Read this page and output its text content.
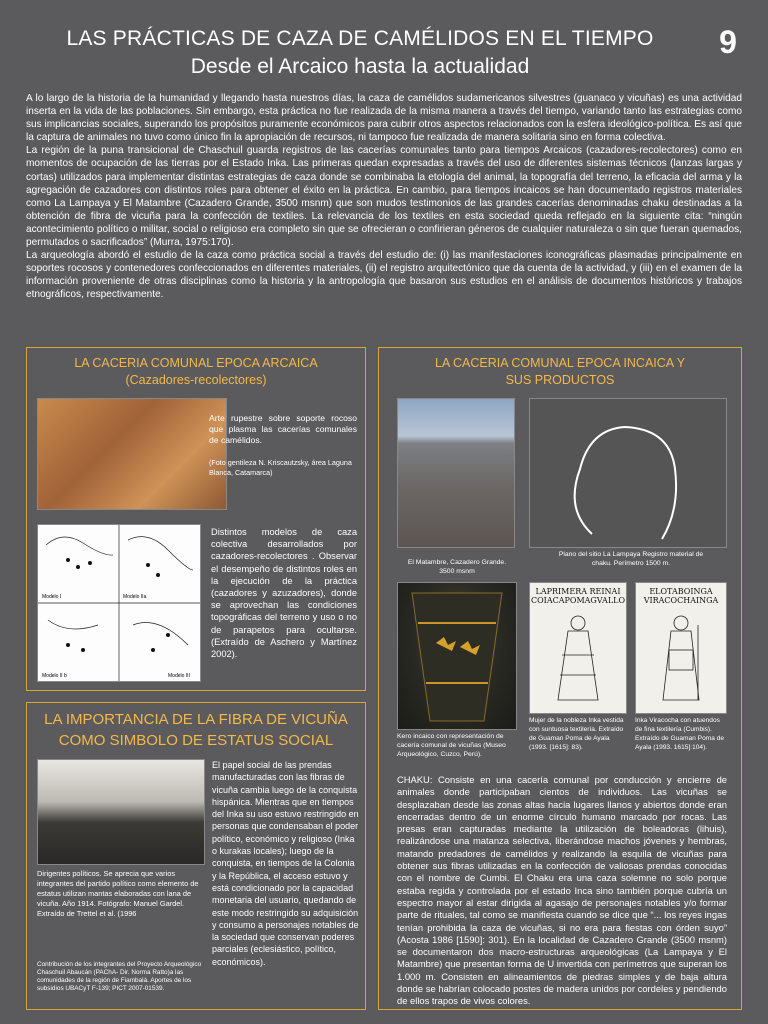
LAS PRÁCTICAS DE CAZA DE CAMÉLIDOS EN EL TIEMPO
Desde el Arcaico hasta la actualidad
9

A lo largo de la historia de la humanidad y llegando hasta nuestros días, la caza de camélidos sudamericanos silvestres (guanaco y vicuñas) es una actividad inserta en la vida de las poblaciones. Sin embargo, esta práctica no fue realizada de la misma manera a través del tiempo, variando tanto las estrategias como sus implicancias sociales, superando los propósitos puramente económicos para cubrir otros aspectos relacionados con la esfera ideológico-política. Es así que la captura de animales no tuvo como único fin la apropiación de recursos, ni tampoco fue realizada de manera solitaria sino en forma colectiva.

La región de la puna transicional de Chaschuil guarda registros de las cacerías comunales tanto para tiempos Arcaicos (cazadores-recolectores) como en momentos de ocupación de las tierras por el Estado Inka. Las primeras quedan expresadas a través del uso de diferentes sistemas técnicos (lanzas largas y cortas) utilizados para implementar distintas estrategias de caza donde se combinaba la etología del animal, la topografía del terreno, la eficacia del arma y la agregación de cazadores con distintos roles para obtener el éxito en la práctica. En cambio, para tiempos incaicos se han documentado registros materiales como La Lampaya y El Matambre (Cazadero Grande, 3500 msnm) que son mudos testimonios de las grandes cacerías denominadas chaku destinadas a la obtención de fibra de vicuña para la confección de textiles. La relevancia de los textiles en esta sociedad queda reflejado en la siguiente cita: “ningún acontecimiento político o militar, social o religioso era completo sin que se ofrecieran o confirieran géneros de cualquier naturaleza o sin que fueran quemados, permutados o sacrificados” (Murra, 1975:170).

La arqueología abordó el estudio de la caza como práctica social a través del estudio de: (i) las manifestaciones iconográficas plasmadas principalmente en soportes rocosos y contenedores confeccionados en diferentes materiales, (ii) el registro arquitectónico que da cuenta de la actividad, y (iii) en el examen de la información proveniente de otras disciplinas como la historia y la antropología que basaron sus estudios en el análisis de documentos históricos y trabajos etnográficos, respectivamente.

LA CACERIA COMUNAL EPOCA ARCAICA
(Cazadores-recolectores)
Arte rupestre sobre soporte rocoso que plasma las cacerías comunales de camélidos.
(Foto gentileza N. Kriscautzsky, área Laguna Blanca, Catamarca)
Modelo I	Modelo IIa
Modelo II b	Modelo III
Distintos modelos de caza colectiva desarrollados por cazadores-recolectores . Observar el desempeño de distintos roles en la ejecución de la práctica (cazadores y azuzadores), donde se aprovechan las condiciones topográficas del terreno y uso o no de parapetos para ocultarse. (Extraído de Aschero y Martínez 2002).
LA IMPORTANCIA DE LA FIBRA DE VICUÑA
COMO SIMBOLO DE ESTATUS SOCIAL
Dirigentes políticos. Se aprecia que varios integrantes del partido político como elemento de estatus utilizan mantas elaboradas con lana de vicuña. Año 1914. Fotógrafo: Manuel Gardel. Extraído de Trettel et al. (1996
El papel social de las prendas manufacturadas con las fibras de vicuña cambia luego de la conquista hispánica. Mientras que en tiempos del Inka su uso estuvo restringido en personas que condensaban el poder político, económico y religioso (Inka o kurakas locales); luego de la conquista, en tiempos de la Colonia y la República, el acceso estuvo y está condicionado por la capacidad monetaria del usuario, quedando de este modo restringido su adquisición y consumo a personajes notables de la sociedad que conservan poderes parciales (eclesiástico, político, económicos).
Contribución de los integrantes del Proyecto Arqueológico Chaschuil Abaucán (PAChA- Dir. Norma Ratto)a las comunidades de la región de Fiambalá. Aportes de los subsidios UBACyT F-139; PICT 2007-01539.
LA CACERIA COMUNAL EPOCA INCAICA Y
SUS PRODUCTOS
El Matambre, Cazadero Grande. 3500 msnm
Plano del sitio La Lampaya Registro material de chaku. Perímetro 1500 m.
Kero incaico con representación de cacería comunal de vicuñas (Museo Arqueológico, Cuzco, Perú).
LAPRIMERA REINAI COIACAPOMAGVALLO
Mujer de la nobleza Inka vestida con suntuosa textilería. Extraído de Guaman Poma de Ayala (1993. [1615]: 83).
ELOTABOINGA VIRACOCHAINGA
Inka Viracocha con atuendos de fina textilería (Cumbis). Extraído de Guaman Poma de Ayala (1993. 1615]:104).
CHAKU: Consiste en una cacería comunal por conducción y encierre de animales donde participaban cientos de individuos. Las vicuñas se desplazaban desde las zonas altas hacia lugares llanos y abiertos donde eran encerradas dentro de un enorme círculo humano marcado por rocas. Las presas eran capturadas mediante la utilización de boleadoras (lihuis), realizándose una matanza selectiva, liberándose machos jóvenes y hembras, matando predadores de camélidos y realizando la esquila de vicuñas para obtener sus fibras utilizadas en la confección de valiosas prendas conocidas con el nombre de Cumbi. El Chaku era una caza solemne no solo porque estaba regida y controlada por el estado Inca sino también porque cubría un espectro mayor al estar dirigida al agasajo de personajes notables y/o formar parte de rituales, tal como se manifiesta cuando se dice que “... los reyes ingas tenían prohibida la caza de vicuñas, si no era para fiestas con órden suyo” (Acosta 1986 [1590]: 301). En la localidad de Cazadero Grande (3500 msnm) se documentaron dos macro-estructuras arqueológicas (La Lampaya y El Matambre) que presentan forma de U invertida con perímetros que superan los 1.000 m. Consisten en alineamientos de piedras simples y de baja altura donde se habrían colocado postes de madera unidos por cordeles y pendiendo de ellos trapos de vivos colores.
